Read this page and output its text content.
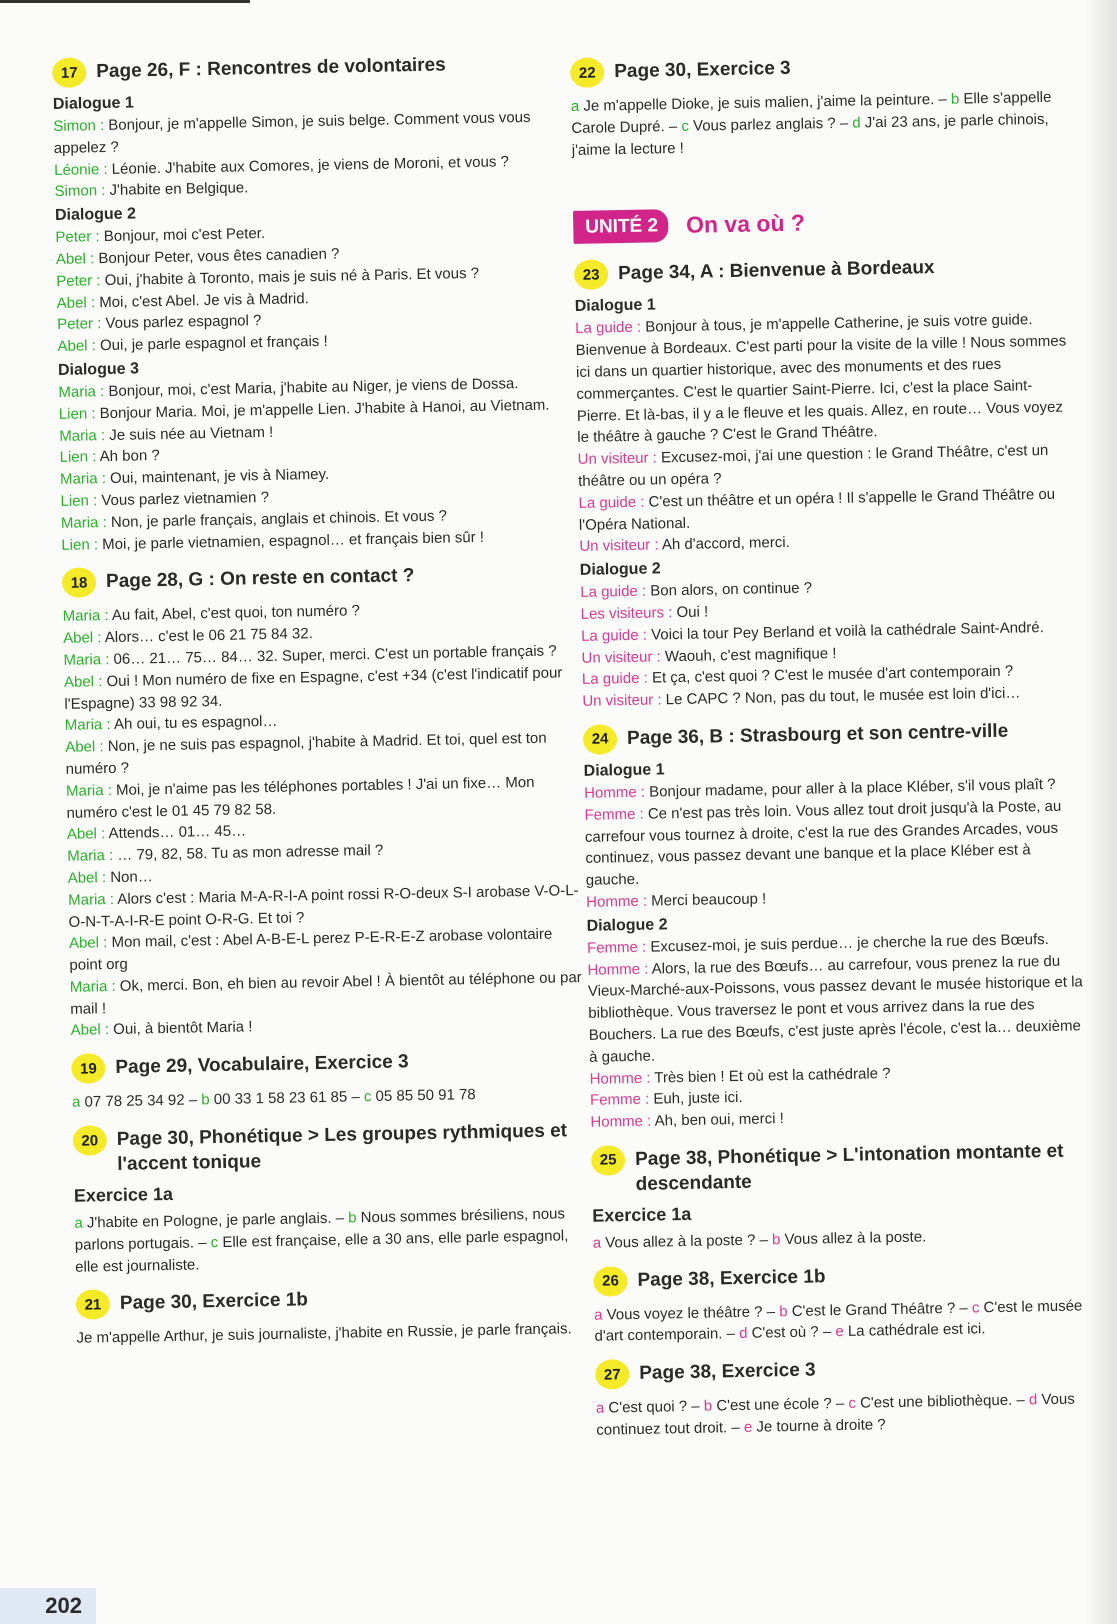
17 Page 26, F : Rencontres de volontaires
Dialogue 1
Simon : Bonjour, je m'appelle Simon, je suis belge. Comment vous vous appelez ?
Léonie : Léonie. J'habite aux Comores, je viens de Moroni, et vous ?
Simon : J'habite en Belgique.
Dialogue 2
Peter : Bonjour, moi c'est Peter.
Abel : Bonjour Peter, vous êtes canadien ?
Peter : Oui, j'habite à Toronto, mais je suis né à Paris. Et vous ?
Abel : Moi, c'est Abel. Je vis à Madrid.
Peter : Vous parlez espagnol ?
Abel : Oui, je parle espagnol et français !
Dialogue 3
Maria : Bonjour, moi, c'est Maria, j'habite au Niger, je viens de Dossa.
Lien : Bonjour Maria. Moi, je m'appelle Lien. J'habite à Hanoi, au Vietnam.
Maria : Je suis née au Vietnam !
Lien : Ah bon ?
Maria : Oui, maintenant, je vis à Niamey.
Lien : Vous parlez vietnamien ?
Maria : Non, je parle français, anglais et chinois. Et vous ?
Lien : Moi, je parle vietnamien, espagnol… et français bien sûr !
18 Page 28, G : On reste en contact ?
Maria : Au fait, Abel, c'est quoi, ton numéro ?
Abel : Alors… c'est le 06 21 75 84 32.
Maria : 06… 21… 75… 84… 32. Super, merci. C'est un portable français ?
Abel : Oui ! Mon numéro de fixe en Espagne, c'est +34 (c'est l'indicatif pour l'Espagne) 33 98 92 34.
Maria : Ah oui, tu es espagnol…
Abel : Non, je ne suis pas espagnol, j'habite à Madrid. Et toi, quel est ton numéro ?
Maria : Moi, je n'aime pas les téléphones portables ! J'ai un fixe… Mon numéro c'est le 01 45 79 82 58.
Abel : Attends… 01… 45…
Maria : … 79, 82, 58. Tu as mon adresse mail ?
Abel : Non…
Maria : Alors c'est : Maria M-A-R-I-A point rossi R-O-deux S-I arobase V-O-L-O-N-T-A-I-R-E point O-R-G. Et toi ?
Abel : Mon mail, c'est : Abel A-B-E-L perez P-E-R-E-Z arobase volontaire point org
Maria : Ok, merci. Bon, eh bien au revoir Abel ! À bientôt au téléphone ou par mail !
Abel : Oui, à bientôt Maria !
19 Page 29, Vocabulaire, Exercice 3
a 07 78 25 34 92 – b 00 33 1 58 23 61 85 – c 05 85 50 91 78
20 Page 30, Phonétique > Les groupes rythmiques et l'accent tonique
Exercice 1a
a J'habite en Pologne, je parle anglais. – b Nous sommes brésiliens, nous parlons portugais. – c Elle est française, elle a 30 ans, elle parle espagnol, elle est journaliste.
21 Page 30, Exercice 1b
Je m'appelle Arthur, je suis journaliste, j'habite en Russie, je parle français.
22 Page 30, Exercice 3
a Je m'appelle Dioke, je suis malien, j'aime la peinture. – b Elle s'appelle Carole Dupré. – c Vous parlez anglais ? – d J'ai 23 ans, je parle chinois, j'aime la lecture !
UNITÉ 2	On va où ?
23 Page 34, A : Bienvenue à Bordeaux
Dialogue 1
La guide : Bonjour à tous, je m'appelle Catherine, je suis votre guide. Bienvenue à Bordeaux. C'est parti pour la visite de la ville ! Nous sommes ici dans un quartier historique, avec des monuments et des rues commerçantes. C'est le quartier Saint-Pierre. Ici, c'est la place Saint-Pierre. Et là-bas, il y a le fleuve et les quais. Allez, en route… Vous voyez le théâtre à gauche ? C'est le Grand Théâtre.
Un visiteur : Excusez-moi, j'ai une question : le Grand Théâtre, c'est un théâtre ou un opéra ?
La guide : C'est un théâtre et un opéra ! Il s'appelle le Grand Théâtre ou l'Opéra National.
Un visiteur : Ah d'accord, merci.
Dialogue 2
La guide : Bon alors, on continue ?
Les visiteurs : Oui !
La guide : Voici la tour Pey Berland et voilà la cathédrale Saint-André.
Un visiteur : Waouh, c'est magnifique !
La guide : Et ça, c'est quoi ? C'est le musée d'art contemporain ?
Un visiteur : Le CAPC ? Non, pas du tout, le musée est loin d'ici…
24 Page 36, B : Strasbourg et son centre-ville
Dialogue 1
Homme : Bonjour madame, pour aller à la place Kléber, s'il vous plaît ?
Femme : Ce n'est pas très loin. Vous allez tout droit jusqu'à la Poste, au carrefour vous tournez à droite, c'est la rue des Grandes Arcades, vous continuez, vous passez devant une banque et la place Kléber est à gauche.
Homme : Merci beaucoup !
Dialogue 2
Femme : Excusez-moi, je suis perdue… je cherche la rue des Bœufs.
Homme : Alors, la rue des Bœufs… au carrefour, vous prenez la rue du Vieux-Marché-aux-Poissons, vous passez devant le musée historique et la bibliothèque. Vous traversez le pont et vous arrivez dans la rue des Bouchers. La rue des Bœufs, c'est juste après l'école, c'est la… deuxième à gauche.
Homme : Très bien ! Et où est la cathédrale ?
Femme : Euh, juste ici.
Homme : Ah, ben oui, merci !
25 Page 38, Phonétique > L'intonation montante et descendante
Exercice 1a
a Vous allez à la poste ? – b Vous allez à la poste.
26 Page 38, Exercice 1b
a Vous voyez le théâtre ? – b C'est le Grand Théâtre ? – c C'est le musée d'art contemporain. – d C'est où ? – e La cathédrale est ici.
27 Page 38, Exercice 3
a C'est quoi ? – b C'est une école ? – c C'est une bibliothèque. – d Vous continuez tout droit. – e Je tourne à droite ?
202
